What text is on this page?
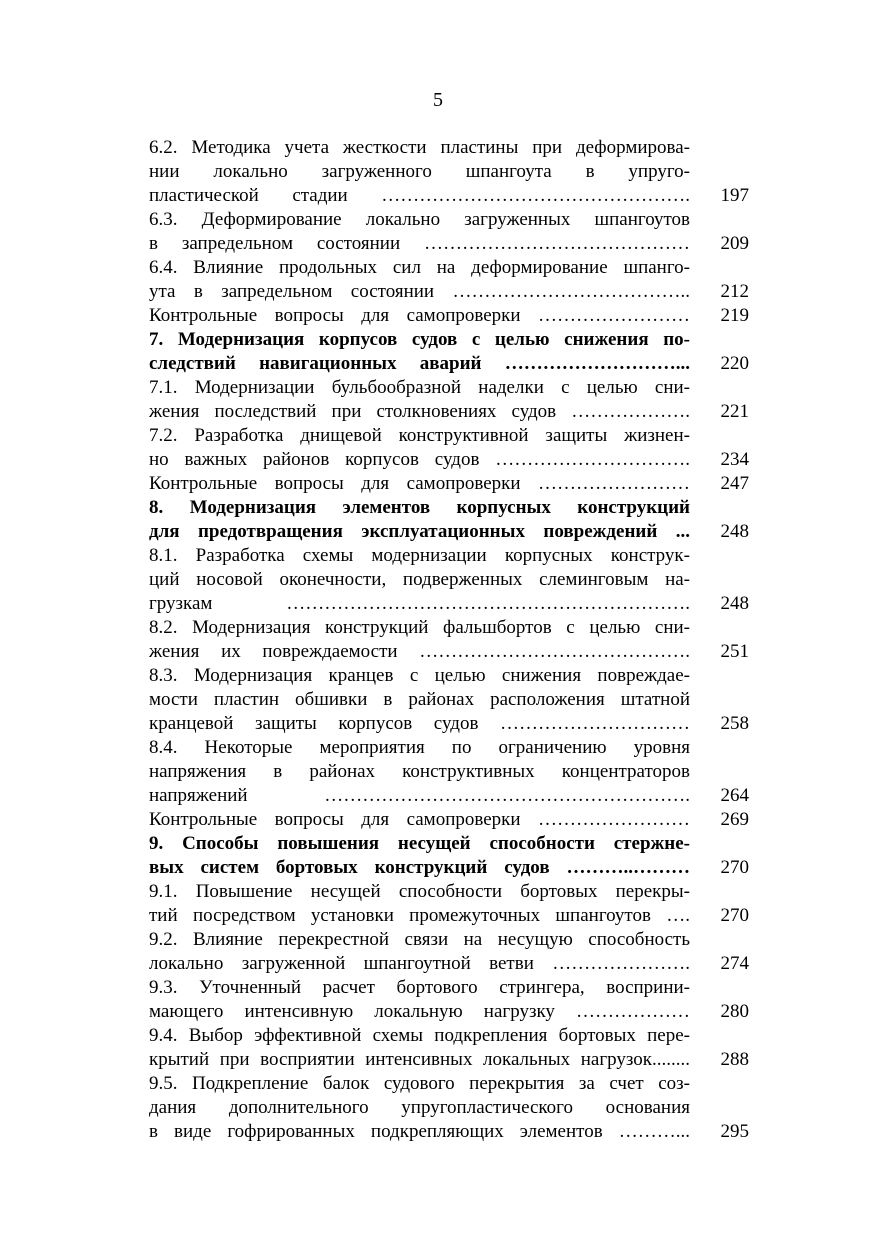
5
6.2. Методика учета жесткости пластины при деформирова-
нии локально загруженного шпангоута в упруго-
пластической стадии ………………………………………….	197
6.3. Деформирование локально загруженных шпангоутов
в запредельном состоянии ……………………………………	209
6.4. Влияние продольных сил на деформирование шпанго-
ута в запредельном состоянии ………………………………..	212
Контрольные вопросы для самопроверки ……………………	219
7. Модернизация корпусов судов с целью снижения по-
следствий навигационных аварий ………………………...	220
7.1. Модернизации бульбообразной наделки с целью сни-
жения последствий при столкновениях судов ……………….	221
7.2. Разработка днищевой конструктивной защиты жизнен-
но важных районов корпусов судов ………………………….	234
Контрольные вопросы для самопроверки ……………………	247
8. Модернизация элементов корпусных конструкций
для предотвращения эксплуатационных повреждений ...	248
8.1. Разработка схемы модернизации корпусных конструк-
ций носовой оконечности, подверженных слеминговым на-
грузкам ……………………………………………………….	248
8.2. Модернизация конструкций фальшбортов с целью сни-
жения их повреждаемости …………………………………….	251
8.3. Модернизация кранцев с целью снижения повреждае-
мости пластин обшивки в районах расположения штатной
кранцевой защиты корпусов судов …………………………	258
8.4. Некоторые мероприятия по ограничению уровня
напряжения в районах конструктивных концентраторов
напряжений ………………………………………………….	264
Контрольные вопросы для самопроверки ……………………	269
9. Способы повышения несущей способности стержне-
вых систем бортовых конструкций судов ………..………	270
9.1. Повышение несущей способности бортовых перекры-
тий посредством установки промежуточных шпангоутов ….	270
9.2. Влияние перекрестной связи на несущую способность
локально загруженной шпангоутной ветви ………………….	274
9.3. Уточненный расчет бортового стрингера, восприни-
мающего интенсивную локальную нагрузку ………………	280
9.4. Выбор эффективной схемы подкрепления бортовых пере-
крытий при восприятии интенсивных локальных нагрузок........	288
9.5. Подкрепление балок судового перекрытия за счет соз-
дания дополнительного упругопластического основания
в виде гофрированных подкрепляющих элементов ………...	295
